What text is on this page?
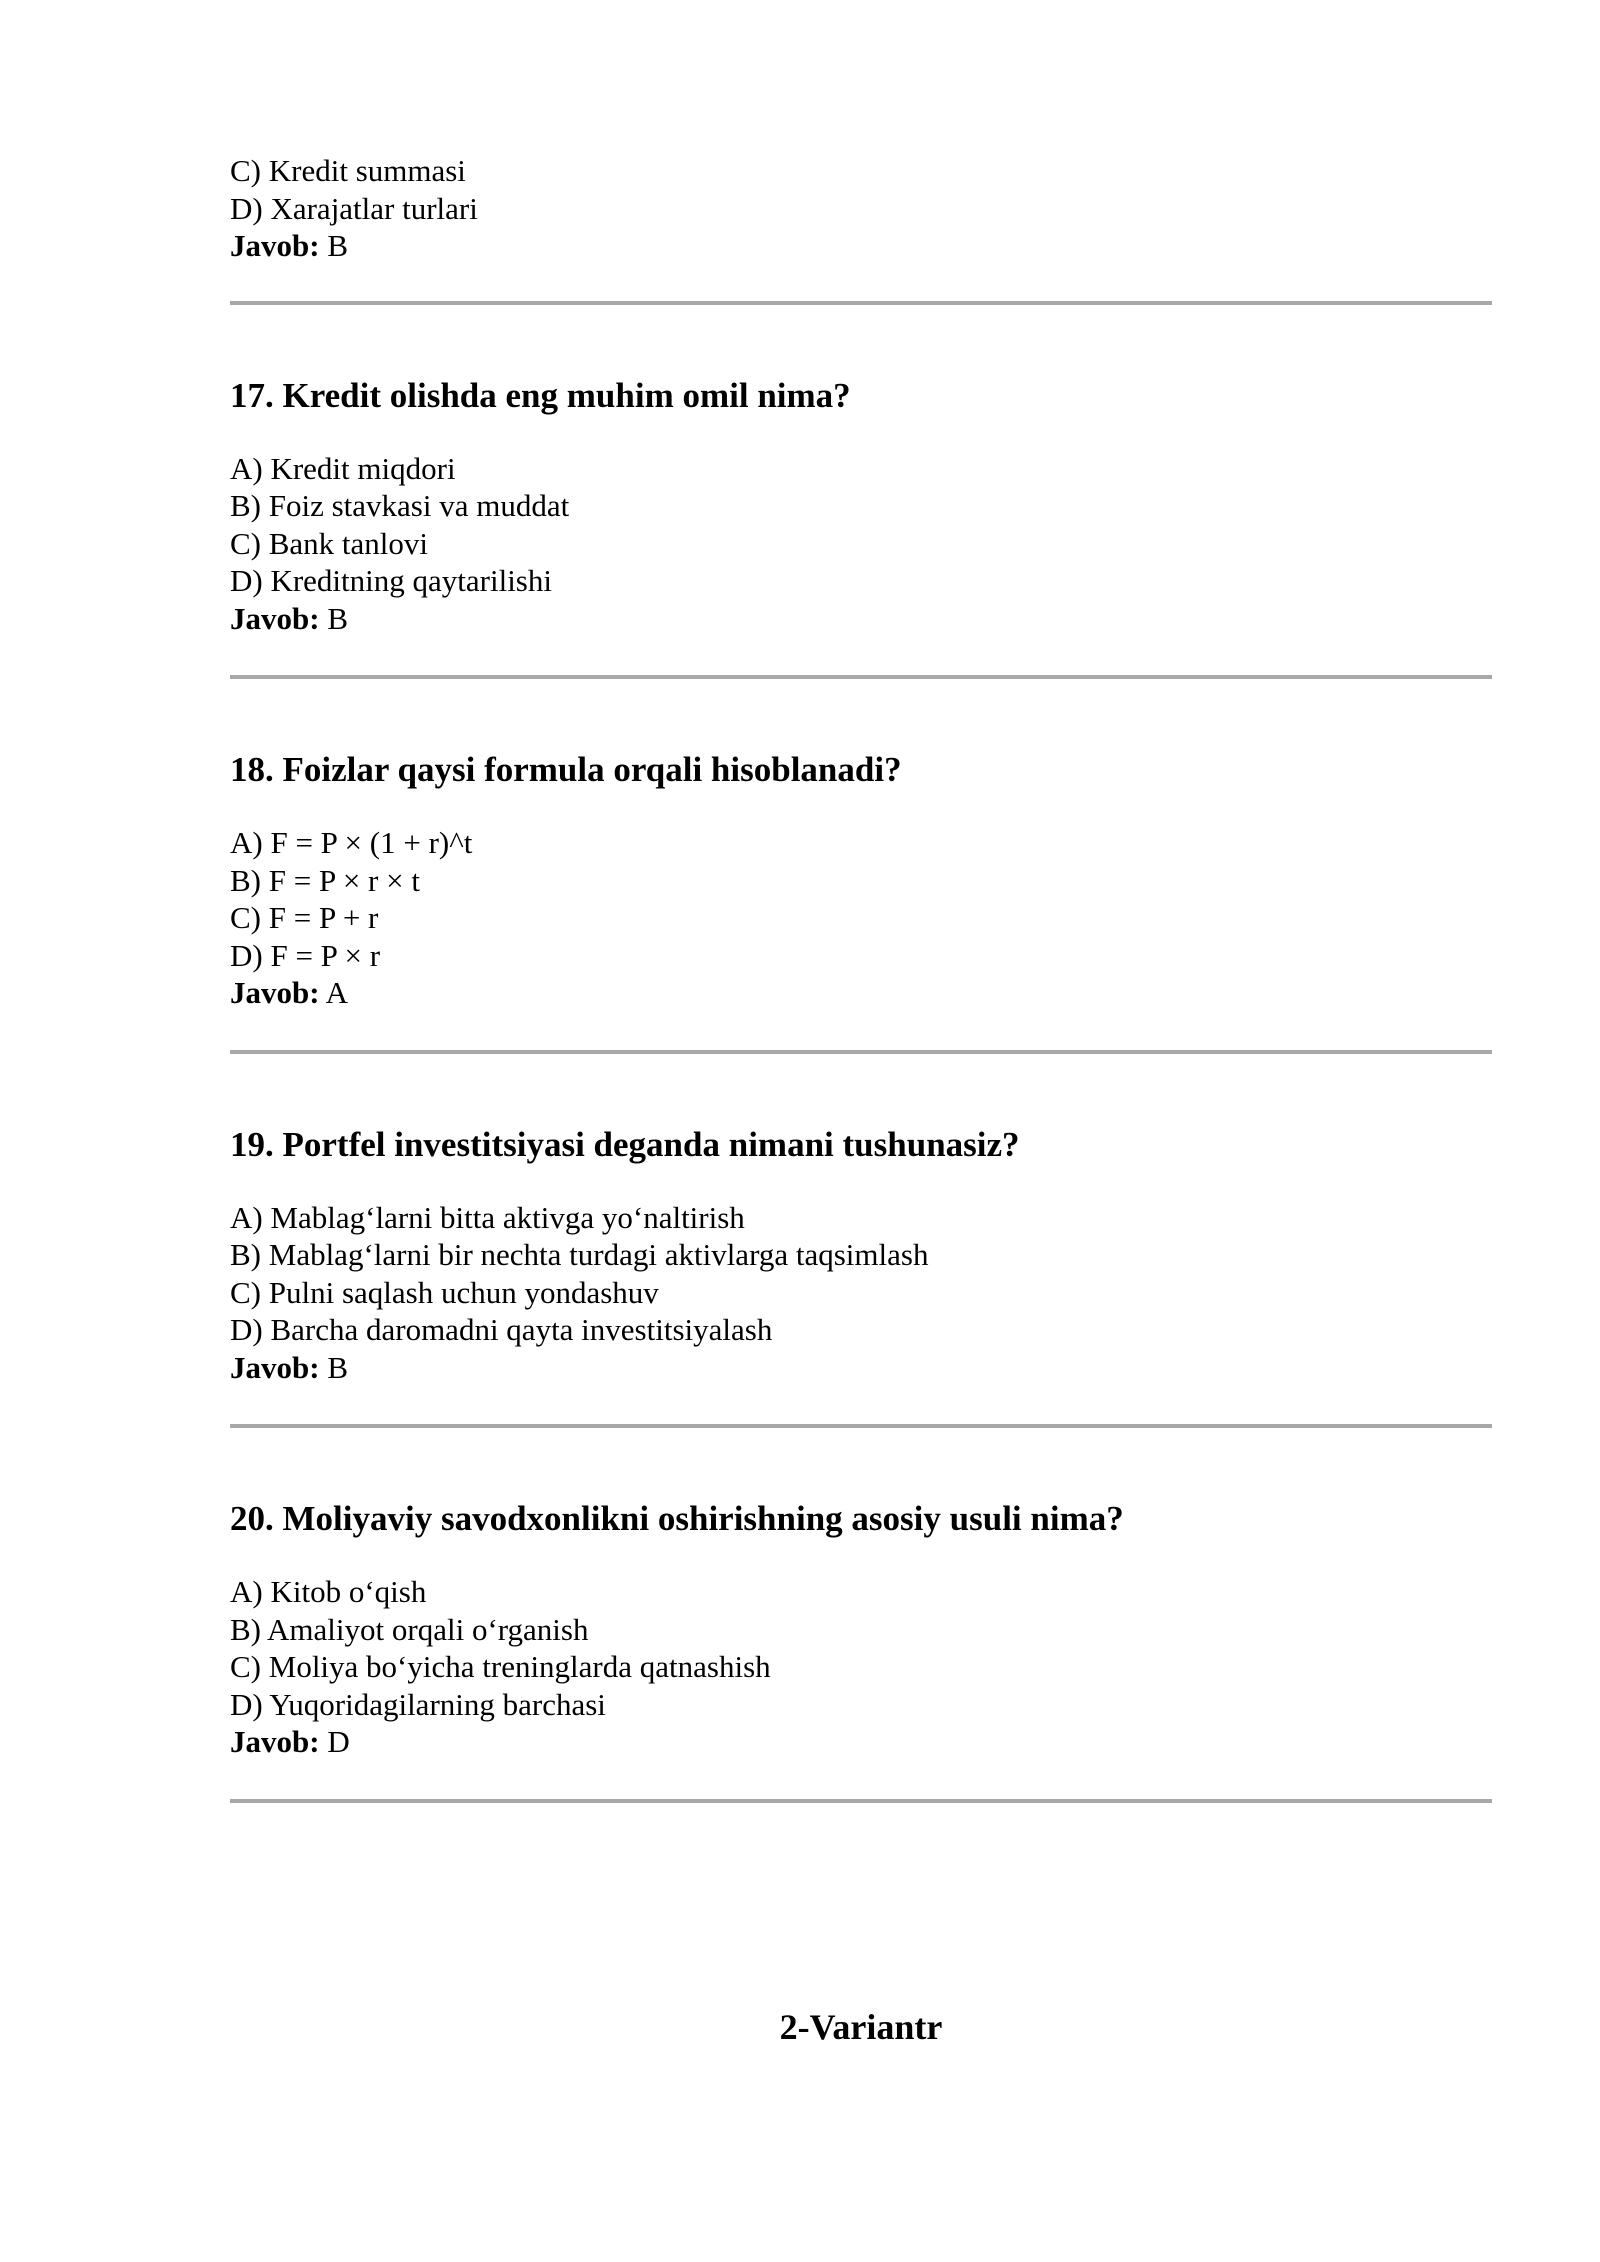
C) Kredit summasi

D) Xarajatlar turlari

Javob: B

17. Kredit olishda eng muhim omil nima?

A) Kredit miqdori

B) Foiz stavkasi va muddat

C) Bank tanlovi

D) Kreditning qaytarilishi

Javob: B

18. Foizlar qaysi formula orqali hisoblanadi?

A) F = P × (1 + r)^t

B) F = P × r × t

C) F = P + r

D) F = P × r

Javob: A

19. Portfel investitsiyasi deganda nimani tushunasiz?

A) Mablag‘larni bitta aktivga yo‘naltirish

B) Mablag‘larni bir nechta turdagi aktivlarga taqsimlash

C) Pulni saqlash uchun yondashuv

D) Barcha daromadni qayta investitsiyalash

Javob: B

20. Moliyaviy savodxonlikni oshirishning asosiy usuli nima?

A) Kitob o‘qish

B) Amaliyot orqali o‘rganish

C) Moliya bo‘yicha treninglarda qatnashish

D) Yuqoridagilarning barchasi

Javob: D

2-Variantr
